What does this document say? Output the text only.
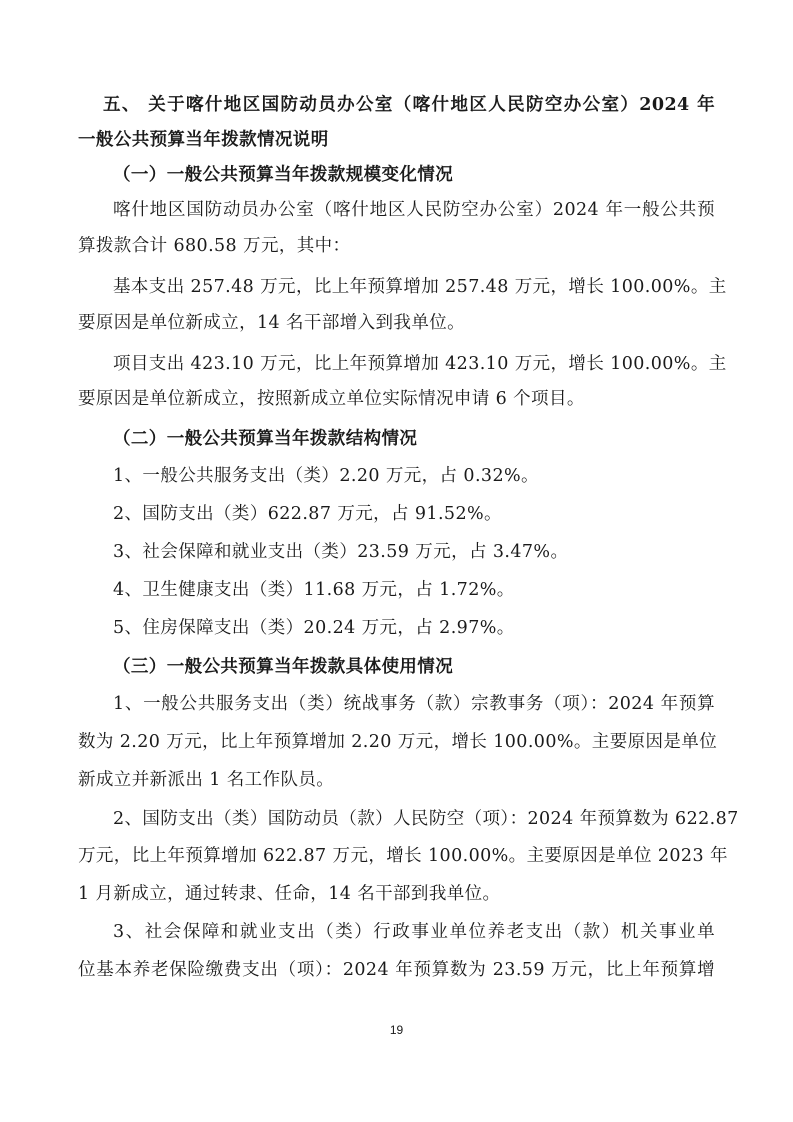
五、 关于喀什地区国防动员办公室（喀什地区人民防空办公室）2024 年
一般公共预算当年拨款情况说明
（一）一般公共预算当年拨款规模变化情况
喀什地区国防动员办公室（喀什地区人民防空办公室）2024 年一般公共预
算拨款合计 680.58 万元，其中：
基本支出 257.48 万元，比上年预算增加 257.48 万元，增长 100.00%。主
要原因是单位新成立，14 名干部增入到我单位。
项目支出 423.10 万元，比上年预算增加 423.10 万元，增长 100.00%。主
要原因是单位新成立，按照新成立单位实际情况申请 6 个项目。
（二）一般公共预算当年拨款结构情况
1、一般公共服务支出（类）2.20 万元，占 0.32%。
2、国防支出（类）622.87 万元，占 91.52%。
3、社会保障和就业支出（类）23.59 万元，占 3.47%。
4、卫生健康支出（类）11.68 万元，占 1.72%。
5、住房保障支出（类）20.24 万元，占 2.97%。
（三）一般公共预算当年拨款具体使用情况
1、一般公共服务支出（类）统战事务（款）宗教事务（项）：2024 年预算
数为 2.20 万元，比上年预算增加 2.20 万元，增长 100.00%。主要原因是单位
新成立并新派出 1 名工作队员。
2、国防支出（类）国防动员（款）人民防空（项）：2024 年预算数为 622.87
万元，比上年预算增加 622.87 万元，增长 100.00%。主要原因是单位 2023 年
1 月新成立，通过转隶、任命，14 名干部到我单位。
3、社会保障和就业支出（类）行政事业单位养老支出（款）机关事业单
位基本养老保险缴费支出（项）：2024 年预算数为 23.59 万元，比上年预算增
19
